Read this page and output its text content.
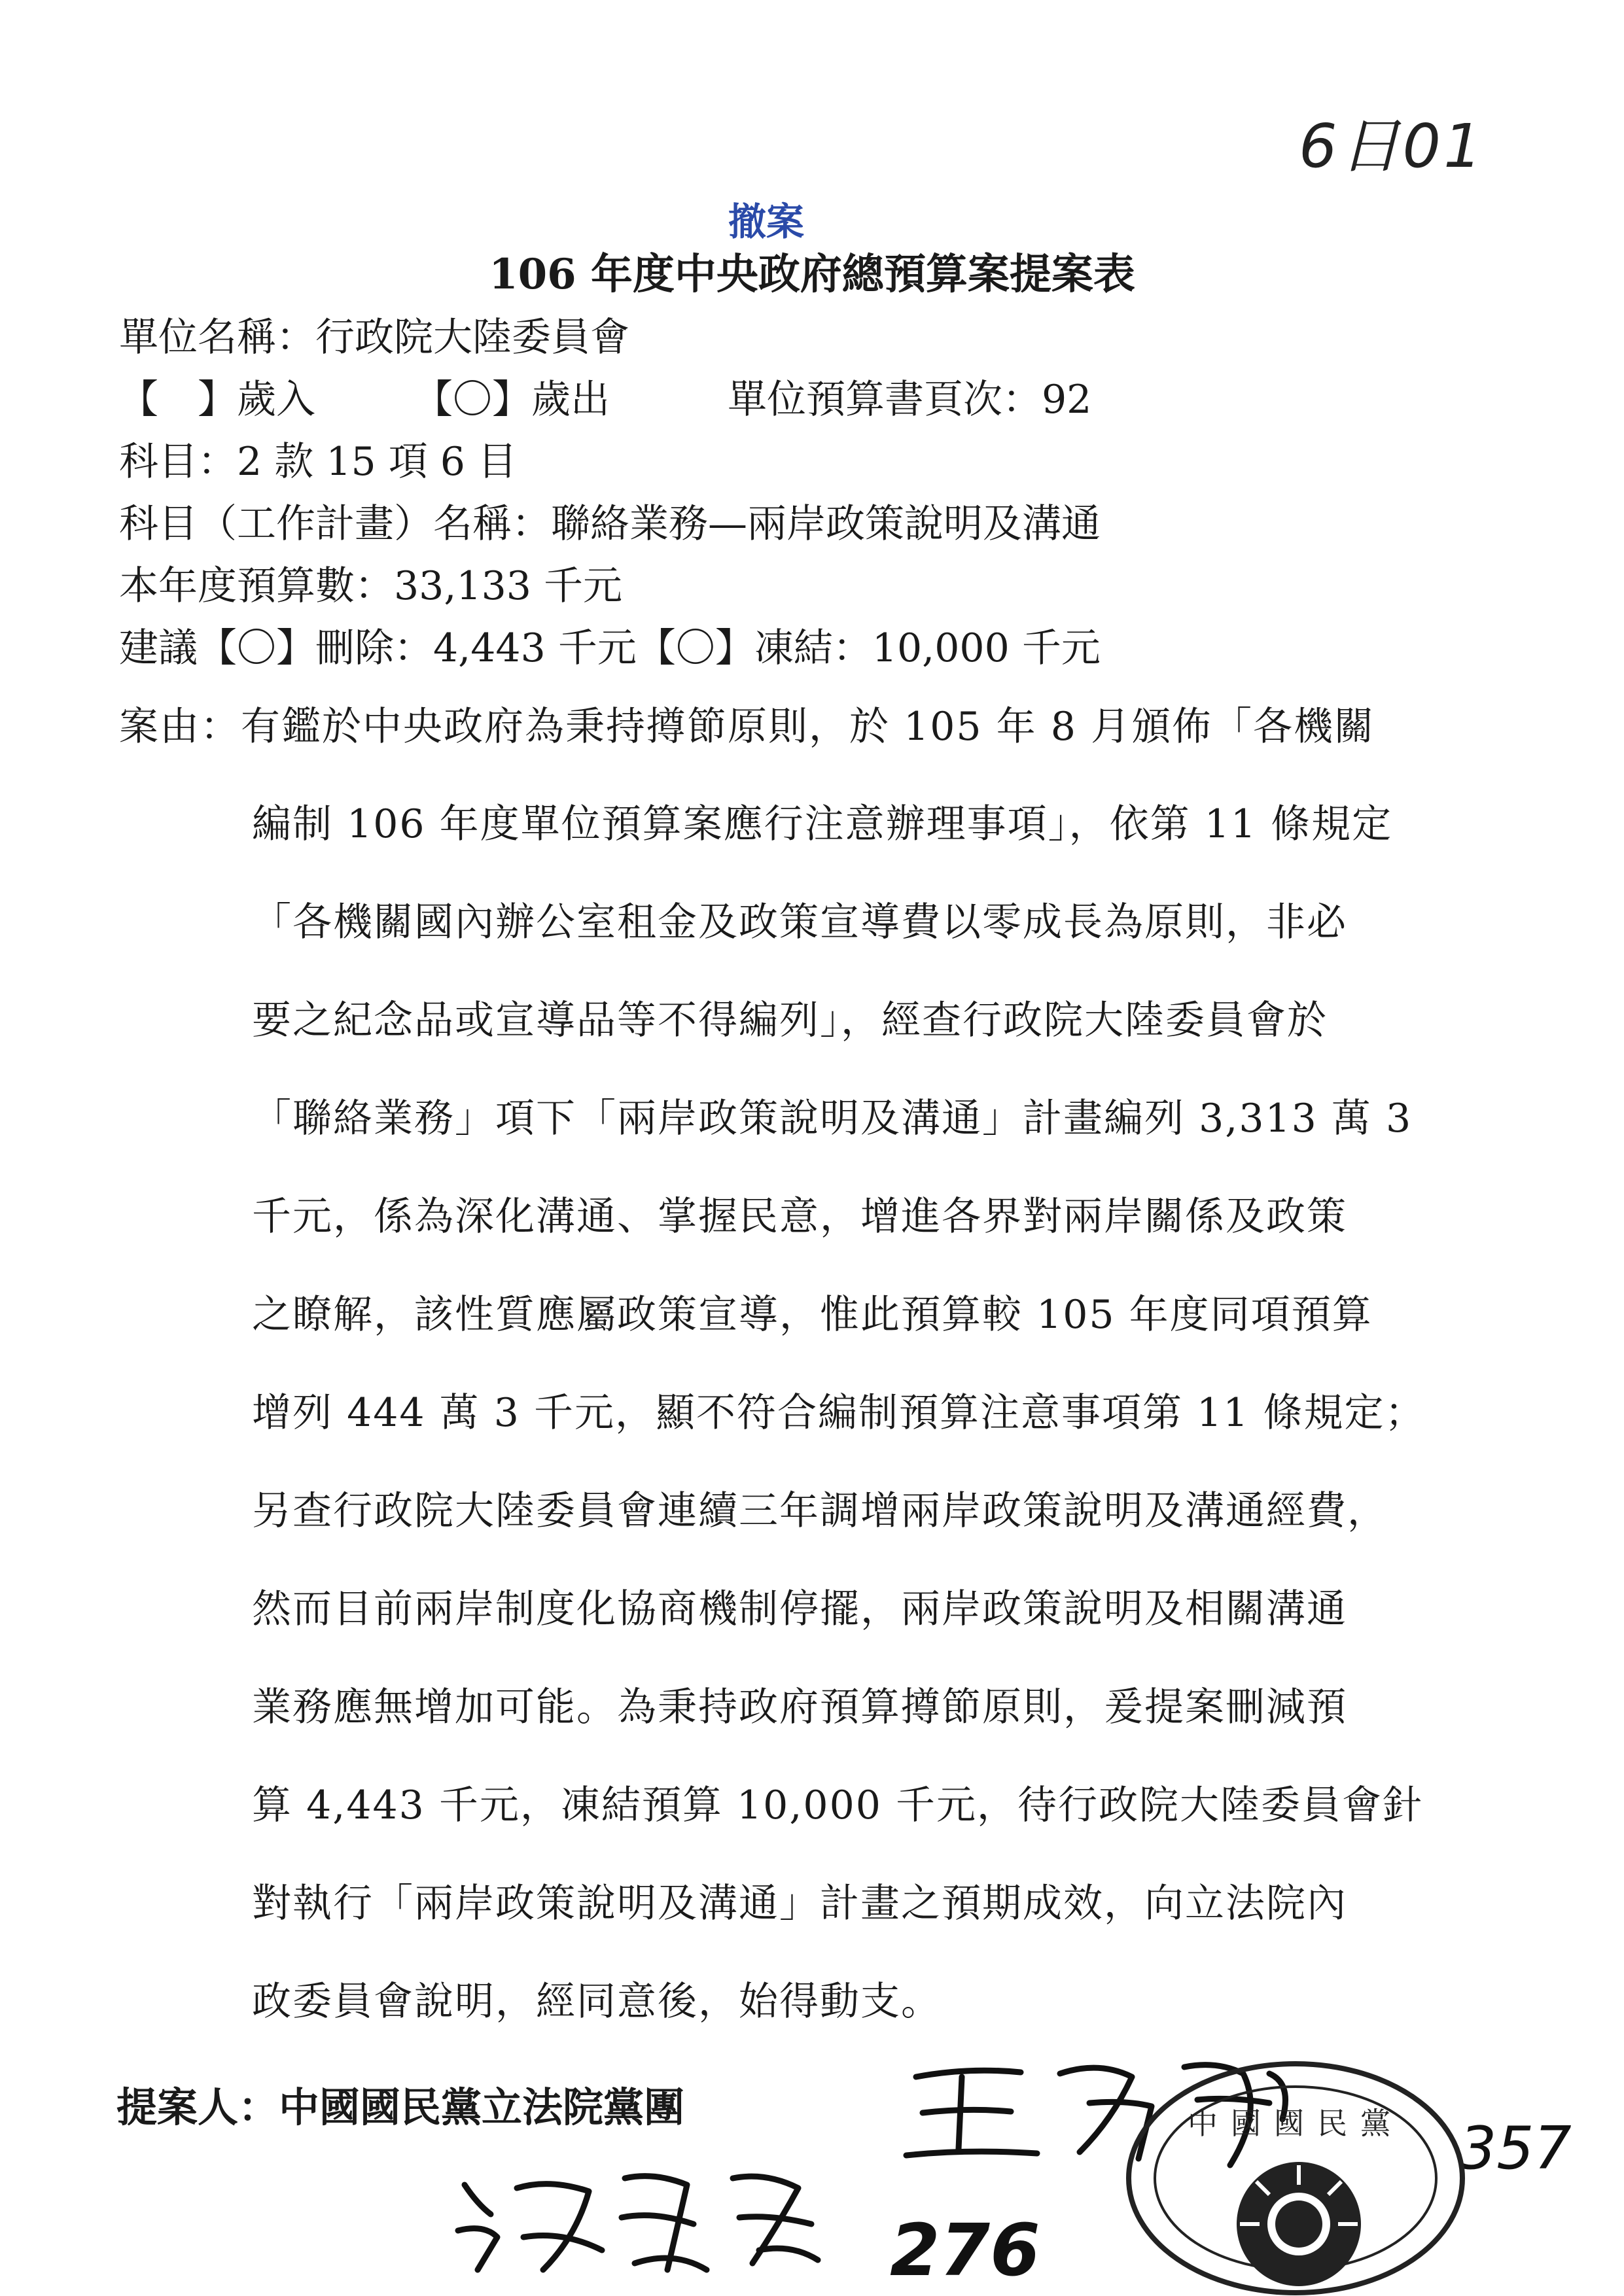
6日01
撤案
106 年度中央政府總預算案提案表
單位名稱：行政院大陸委員會
【　】歲入　　　【〇】歲出　　　單位預算書頁次：92
科目：2 款 15 項 6 目
科目（工作計畫）名稱：聯絡業務—兩岸政策說明及溝通
本年度預算數：33,133 千元
建議【〇】刪除：4,443 千元【〇】凍結：10,000 千元
案由：有鑑於中央政府為秉持撙節原則，於 105 年 8 月頒佈「各機關
編制 106 年度單位預算案應行注意辦理事項」，依第 11 條規定
「各機關國內辦公室租金及政策宣導費以零成長為原則，非必
要之紀念品或宣導品等不得編列」，經查行政院大陸委員會於
「聯絡業務」項下「兩岸政策說明及溝通」計畫編列 3,313 萬 3
千元，係為深化溝通、掌握民意，增進各界對兩岸關係及政策
之瞭解，該性質應屬政策宣導，惟此預算較 105 年度同項預算
增列 444 萬 3 千元，顯不符合編制預算注意事項第 11 條規定；
另查行政院大陸委員會連續三年調增兩岸政策說明及溝通經費，
然而目前兩岸制度化協商機制停擺，兩岸政策說明及相關溝通
業務應無增加可能。為秉持政府預算撙節原則，爰提案刪減預
算 4,443 千元，凍結預算 10,000 千元，待行政院大陸委員會針
對執行「兩岸政策說明及溝通」計畫之預期成效，向立法院內
政委員會說明，經同意後，始得動支。
提案人：中國國民黨立法院黨團
276
357
中國國民黨
